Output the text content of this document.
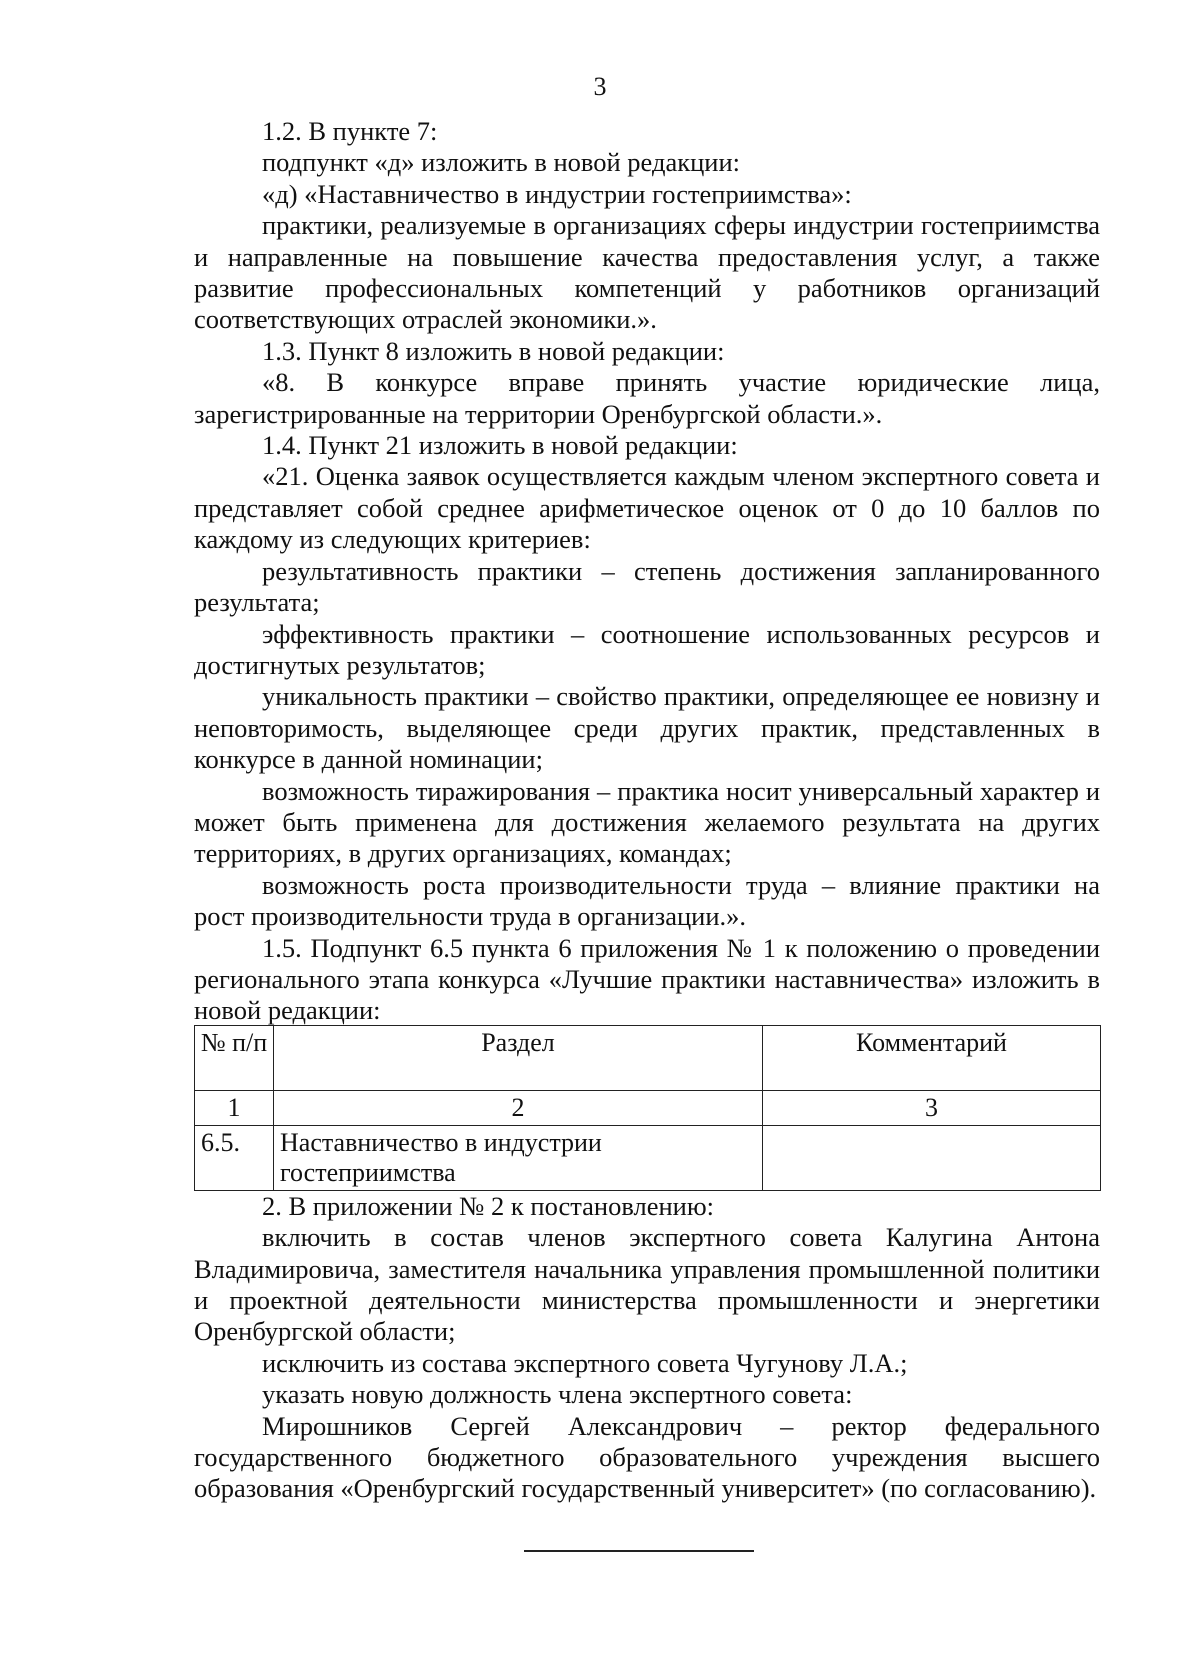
3

1.2. В пункте 7:

подпункт «д» изложить в новой редакции:

«д) «Наставничество в индустрии гостеприимства»:

практики, реализуемые в организациях сферы индустрии гостеприимства и направленные на повышение качества предоставления услуг, а также развитие профессиональных компетенций у работников организаций соответствующих отраслей экономики.».

1.3. Пункт 8 изложить в новой редакции:

«8. В конкурсе вправе принять участие юридические лица, зарегистрированные на территории Оренбургской области.».

1.4. Пункт 21 изложить в новой редакции:

«21. Оценка заявок осуществляется каждым членом экспертного совета и представляет собой среднее арифметическое оценок от 0 до 10 баллов по каждому из следующих критериев:

результативность практики – степень достижения запланированного результата;

эффективность практики – соотношение использованных ресурсов и достигнутых результатов;

уникальность практики – свойство практики, определяющее ее новизну и неповторимость, выделяющее среди других практик, представленных в конкурсе в данной номинации;

возможность тиражирования – практика носит универсальный характер и может быть применена для достижения желаемого результата на других территориях, в других организациях, командах;

возможность роста производительности труда – влияние практики на рост производительности труда в организации.».

1.5. Подпункт 6.5 пункта 6 приложения № 1 к положению о проведении регионального этапа конкурса «Лучшие практики наставничества» изложить в новой редакции:

№ п/п	Раздел	Комментарий
1	2	3
6.5.	Наставничество в индустрии гостеприимства	

2. В приложении № 2 к постановлению:

включить в состав членов экспертного совета Калугина Антона Владимировича, заместителя начальника управления промышленной политики и проектной деятельности министерства промышленности и энергетики Оренбургской области;

исключить из состава экспертного совета Чугунову Л.А.;

указать новую должность члена экспертного совета:

Мирошников Сергей Александрович – ректор федерального государственного бюджетного образовательного учреждения высшего образования «Оренбургский государственный университет» (по согласованию).
